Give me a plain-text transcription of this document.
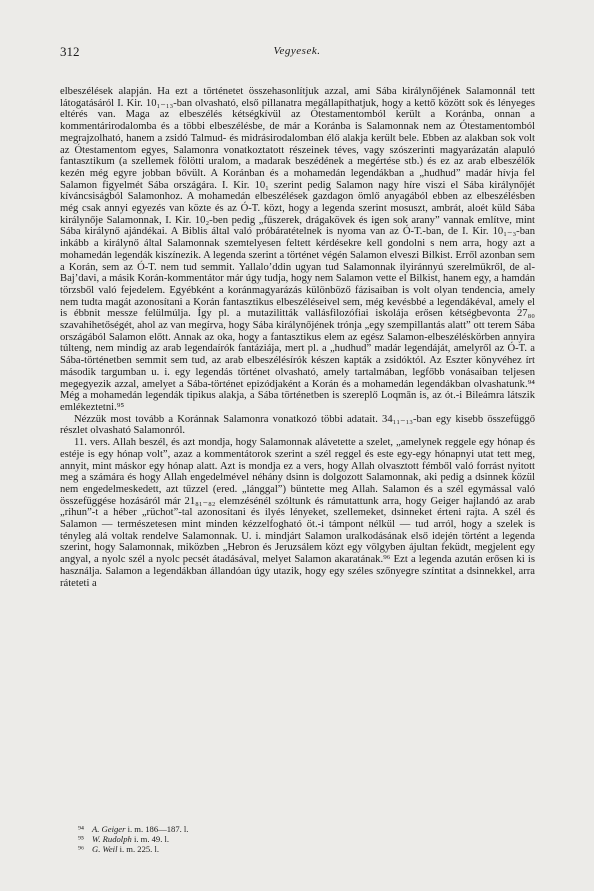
312	Vegyesek.

elbeszélések alapján. Ha ezt a történetet összehasonlítjuk azzal, ami Sába királynőjének Salamonnál tett látogatásáról I. Kir. 10₁₋₁₃-ban olvasható, első pillanatra megállapíthatjuk, hogy a kettő között sok és lényeges eltérés van. Maga az elbeszélés kétségkívül az Ótestamentomból került a Koránba, onnan a kommentárirodalomba és a többi elbeszélésbe, de már a Koránba is Salamonnak nem az Ótestamentomból megrajzolható, hanem a zsidó Talmud- és midrásirodalomban élő alakja került bele. Ebben az alakban sok volt az Ótestamentom egyes, Salamonra vonatkoztatott részeinek téves, vagy szószerinti magyarázatán alapuló fantasztikum (a szellemek fölötti uralom, a madarak beszédének a megértése stb.) és ez az arab elbeszélők kezén még egyre jobban bővült. A Koránban és a mohamedán legendákban a „hudhud” madár hívja fel Salamon figyelmét Sába országára. I. Kir. 10₁ szerint pedig Salamon nagy híre viszi el Sába királynőjét kíváncsiságból Salamonhoz. A mohamedán elbeszélések gazdagon ömlő anyagából ebben az elbeszélésben még csak annyi egyezés van közte és az Ó-T. közt, hogy a legenda szerint mosuszt, ambrát, aloét küld Sába királynője Salamonnak, I. Kir. 10₂-ben pedig „fűszerek, drágakövek és igen sok arany” vannak említve, mint Sába királynő ajándékai. A Biblis által való próbáratételnek is nyoma van az Ó-T.-ban, de I. Kir. 10₁₋₃-ban inkább a királynő által Salamonnak szemtelyesen feltett kérdésekre kell gondolni s nem arra, hogy azt a mohamedán legendák kiszínezik. A legenda szerint a történet végén Salamon elveszi Bilkist. Erről azonban sem a Korán, sem az Ó-T. nem tud semmit. Yallalo’ddin ugyan tud Salamonnak ilyiránnyú szerelmükről, de al-Baj’davi, a másik Korán-kommentátor már úgy tudja, hogy nem Salamon vette el Bilkist, hanem egy, a hamdán törzsből való fejedelem. Egyébként a koránmagyarázás különböző fázisaiban is volt olyan tendencia, amely nem tudta magát azonosítani a Korán fantasztikus elbeszéléseivel sem, még kevésbbé a legendákéval, amely el is ébbnit messze felülmúlja. Így pl. a mutazilitták vallásfilozófiai iskolája erősen kétségbevonta 27₈₀ szavahihetőségét, ahol az van megírva, hogy Sába királynőjének trónja „egy szempillantás alatt” ott terem Sába országából Salamon előtt. Annak az oka, hogy a fantasztikus elem az egész Salamon-elbeszéléskörben annyira túlteng, nem mindig az arab legendaírók fantáziája, mert pl. a „hudhud” madár legendáját, amelyről az Ó-T. a Sába-történetben semmit sem tud, az arab elbeszélésírók készen kapták a zsidóktól. Az Eszter könyvéhez írt második targumban u. i. egy legendás történet olvasható, amely tartalmában, legfőbb vonásaiban teljesen megegyezik azzal, amelyet a Sába-történet epizódjaként a Korán és a mohamedán legendákban olvashatunk.⁹⁴ Még a mohamedán legendák tipikus alakja, a Sába történetben is szereplő Loqmān is, az ót.-i Bileámra látszik emlékeztetni.⁹⁵

Nézzük most tovább a Koránnak Salamonra vonatkozó többi adatait. 34₁₁₋₁₃-ban egy kisebb összefüggő részlet olvasható Salamonról.

11. vers. Allah beszél, és azt mondja, hogy Salamonnak alávetette a szelet, „amelynek reggele egy hónap és estéje is egy hónap volt”, azaz a kommentátorok szerint a szél reggel és este egy-egy hónapnyi utat tett meg, annyit, mint máskor egy hónap alatt. Azt is mondja ez a vers, hogy Allah olvasztott fémből való forrást nyitott meg a számára és hogy Allah engedelmével néhány dsinn is dolgozott Salamonnak, aki pedig a dsinnek közül nem engedelmeskedett, azt tűzzel (ered. „lánggal”) büntette meg Allah. Salamon és a szél egymással való összefüggése hozásáról már 21₈₁₋₈₂ elemzésénél szóltunk és rámutattunk arra, hogy Geiger hajlandó az arab „rihun”-t a héber „rüchot”-tal azonosítani és ilyés lényeket, szellemeket, dsinneket érteni rajta. A szél és Salamon — természetesen mint minden kézzelfogható öt.-i támpont nélkül — tud arról, hogy a szelek is tényleg alá voltak rendelve Salamonnak. U. i. mindjárt Salamon uralkodásának első idején történt a legenda szerint, hogy Salamonnak, miközben „Hebron és Jeruzsálem közt egy völgyben ájultan feküdt, megjelent egy angyal, a nyolc szél a nyolc pecsét átadásával, melyet Salamon akaratának.⁹⁶ Ezt a legenda azután erősen ki is használja. Salamon a legendákban állandóan úgy utazik, hogy egy széles szőnyegre színtitat a dsinnekkel, arra ráteteti a

⁹⁴ A. Geiger i. m. 186—187. l.

⁹⁵ W. Rudolph i. m. 49. l.

⁹⁶ G. Weil i. m. 225. l.
